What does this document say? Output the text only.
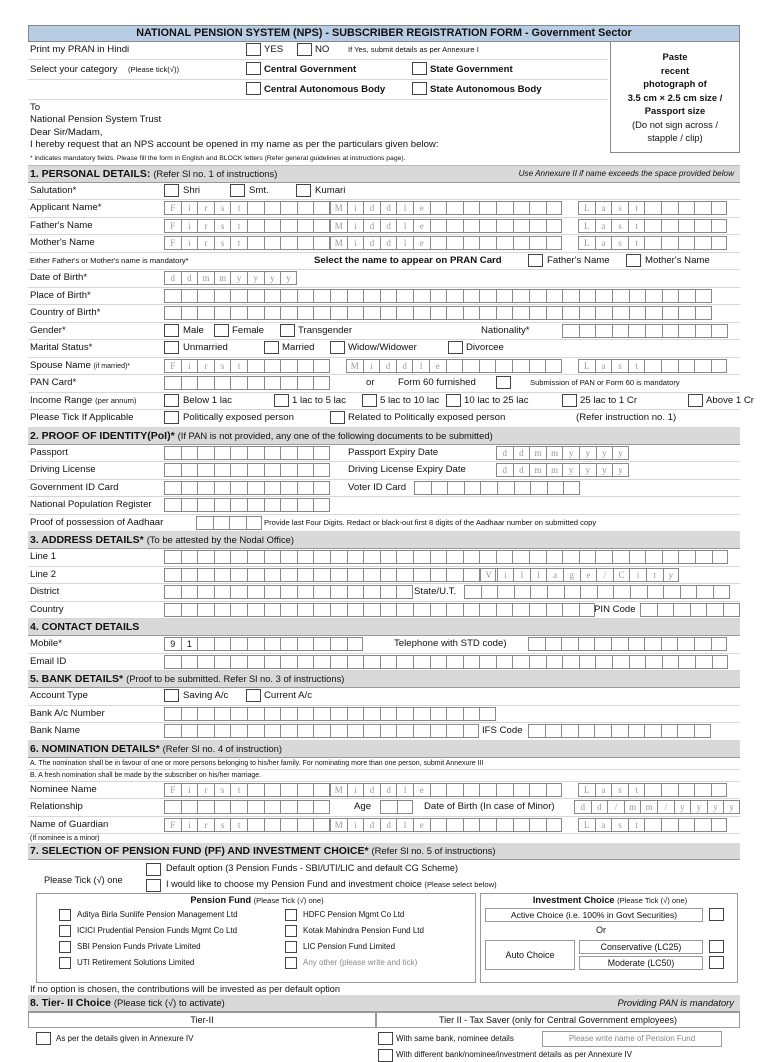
NATIONAL PENSION SYSTEM (NPS) - SUBSCRIBER REGISTRATION FORM - Government Sector
Paste
recent
photograph of
3.5 cm × 2.5 cm size /
Passport size
(Do not sign across /
stapple / clip)
Print my PRAN in Hindi	YES	NO If Yes, submit details as per Annexure I
Select your category (Please tick(√))	Central Government	State Government
Central Autonomous Body	State Autonomous Body
To
National Pension System Trust
Dear Sir/Madam,
I hereby request that an NPS account be opened in my name as per the particulars given below:
* indicates mandatory fields. Please fill the form in English and BLOCK letters (Refer general guidelines at instructions page).
1. PERSONAL DETAILS: (Refer Sl no. 1 of instructions)	Use Annexure II if name exceeds the space provided below
Salutation*	Shri	Smt.	Kumari
Applicant Name*	F	i	r	s	t	M	i	d	d	l	e	L	a	s	t
Father's Name	F	i	r	s	t	M	i	d	d	l	e	L	a	s	t
Mother's Name	F	i	r	s	t	M	i	d	d	l	e	L	a	s	t
Either Father's or Mother's name is mandatory*	Select the name to appear on PRAN Card	Father's Name	Mother's Name
Date of Birth*	d	d	m	m	y	y	y	y
Place of Birth*
Country of Birth*
Gender*	Male	Female	Transgender	Nationality*
Marital Status*	Unmarried	Married	Widow/Widower	Divorcee
Spouse Name (if married)*	F	i	r	s	t	M	i	d	d	l	e	L	a	s	t
PAN Card*	or Form 60 furnished	Submission of PAN or Form 60 is mandatory
Income Range (per annum)	Below 1 lac	1 lac to 5 lac	5 lac to 10 lac	10 lac to 25 lac	25 lac to 1 Cr	Above 1 Cr
Please Tick If Applicable	Politically exposed person	Related to Politically exposed person	(Refer instruction no. 1)
2. PROOF OF IDENTITY(PoI)* (If PAN is not provided, any one of the following documents to be submitted)
Passport	Passport Expiry Date	d	d	m	m	y	y	y	y
Driving License	Driving License Expiry Date	d	d	m	m	y	y	y	y
Government ID Card	Voter ID Card
National Population Register
Proof of possession of Aadhaar	Provide last Four Digits. Redact or black-out first 8 digits of the Aadhaar number on submitted copy
3. ADDRESS DETAILS* (To be attested by the Nodal Office)
Line 1
Line 2	V	i	l	l	a	g	e	/	C	i	t	y
District	State/U.T.
Country	PIN Code
4. CONTACT DETAILS
Mobile*	9	1	Telephone with STD code)
Email ID
5. BANK DETAILS* (Proof to be submitted. Refer Sl no. 3 of instructions)
Account Type	Saving A/c	Current A/c
Bank A/c Number
Bank Name	IFS Code
6. NOMINATION DETAILS* (Refer Sl no. 4 of instruction)
A. The nomination shall be in favour of one or more persons belonging to his/her family. For nominating more than one person, submit Annexure III
B. A fresh nomination shall be made by the subscriber on his/her marriage.
Nominee Name	F	i	r	s	t	M	i	d	d	l	e	L	a	s	t
Relationship	Age	Date of Birth (In case of Minor)	d	d	/	m	m	/	y	y	y	y
Name of Guardian	F	i	r	s	t	M	i	d	d	l	e	L	a	s	t
(If nominee is a minor)
7. SELECTION OF PENSION FUND (PF) AND INVESTMENT CHOICE* (Refer Sl no. 5 of instructions)
Please Tick (√) one
Default option (3 Pension Funds - SBI/UTI/LIC and default CG Scheme)
I would like to choose my Pension Fund and investment choice (Please select below)
Pension Fund (Please Tick (√) one)
Aditya Birla Sunlife Pension Management Ltd	HDFC Pension Mgmt Co Ltd
ICICI Prudential Pension Funds Mgmt Co Ltd	Kotak Mahindra Pension Fund Ltd
SBI Pension Funds Private Limited	LIC Pension Fund Limited
UTI Retirement Solutions Limited	Any other (please write and tick)
Investment Choice (Please Tick (√) one)
Active Choice (i.e. 100% in Govt Securities)
Or
Auto Choice
Conservative (LC25)
Moderate (LC50)
If no option is chosen, the contributions will be invested as per default option
8. Tier- II Choice (Please tick (√) to activate)	Providing PAN is mandatory
Tier-II	Tier II - Tax Saver (only for Central Government employees)
As per the details given in Annexure IV	With same bank, nominee details	Please write name of Pension Fund
With different bank/nominee/investment details as per Annexure IV
